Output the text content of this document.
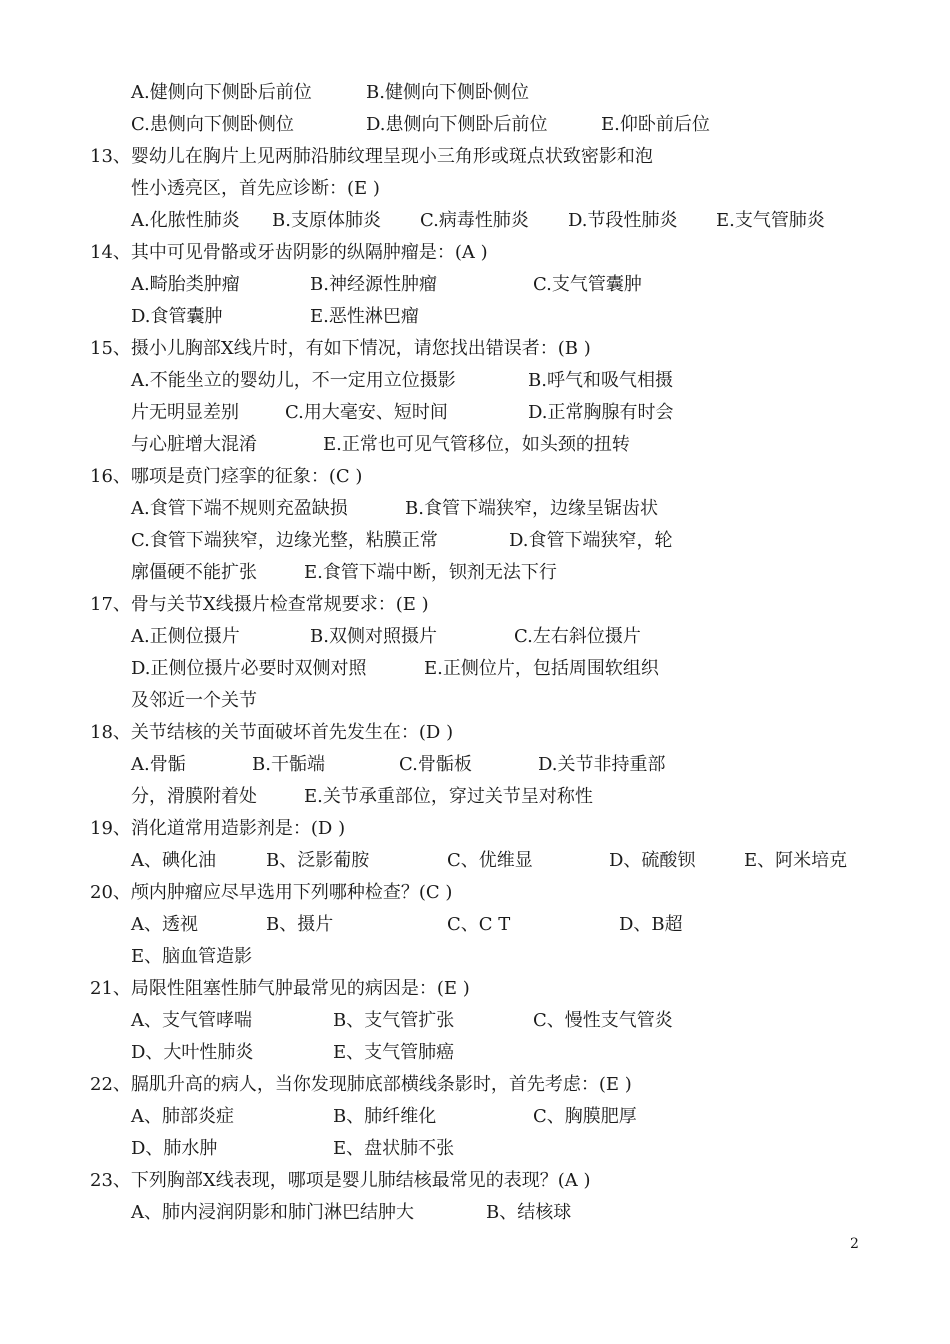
A.健侧向下侧卧后前位	B.健侧向下侧卧侧位
C.患侧向下侧卧侧位	D.患侧向下侧卧后前位	E.仰卧前后位
13、婴幼儿在胸片上见两肺沿肺纹理呈现小三角形或斑点状致密影和泡
性小透亮区，首先应诊断：(E )
A.化脓性肺炎 B.支原体肺炎 C.病毒性肺炎 D.节段性肺炎 E.支气管肺炎
14、其中可见骨骼或牙齿阴影的纵隔肿瘤是：(A )
A.畸胎类肿瘤	B.神经源性肿瘤	C.支气管囊肿
D.食管囊肿	E.恶性淋巴瘤
15、摄小儿胸部X线片时，有如下情况，请您找出错误者：(B )
A.不能坐立的婴幼儿，不一定用立位摄影	B.呼气和吸气相摄
片无明显差别	C.用大毫安、短时间	D.正常胸腺有时会
与心脏增大混淆	E.正常也可见气管移位，如头颈的扭转
16、哪项是贲门痉挛的征象：(C )
A.食管下端不规则充盈缺损	B.食管下端狭窄，边缘呈锯齿状
C.食管下端狭窄，边缘光整，粘膜正常	D.食管下端狭窄，轮
廓僵硬不能扩张	E.食管下端中断，钡剂无法下行
17、骨与关节X线摄片检查常规要求：(E )
A.正侧位摄片	B.双侧对照摄片	C.左右斜位摄片
D.正侧位摄片必要时双侧对照	E.正侧位片，包括周围软组织
及邻近一个关节
18、关节结核的关节面破坏首先发生在：(D )
A.骨骺	B.干骺端	C.骨骺板	D.关节非持重部
分，滑膜附着处	E.关节承重部位，穿过关节呈对称性
19、消化道常用造影剂是：(D )
A、碘化油	B、泛影葡胺	C、优维显	D、硫酸钡	E、阿米培克
20、颅内肿瘤应尽早选用下列哪种检查？(C )
A、透视	B、摄片	C、C T	D、B超
E、脑血管造影
21、局限性阻塞性肺气肿最常见的病因是：(E )
A、支气管哮喘	B、支气管扩张	C、慢性支气管炎
D、大叶性肺炎	E、支气管肺癌
22、膈肌升高的病人，当你发现肺底部横线条影时，首先考虑：(E )
A、肺部炎症	B、肺纤维化	C、胸膜肥厚
D、肺水肿	E、盘状肺不张
23、下列胸部X线表现，哪项是婴儿肺结核最常见的表现？(A )
A、肺内浸润阴影和肺门淋巴结肿大	B、结核球
2
